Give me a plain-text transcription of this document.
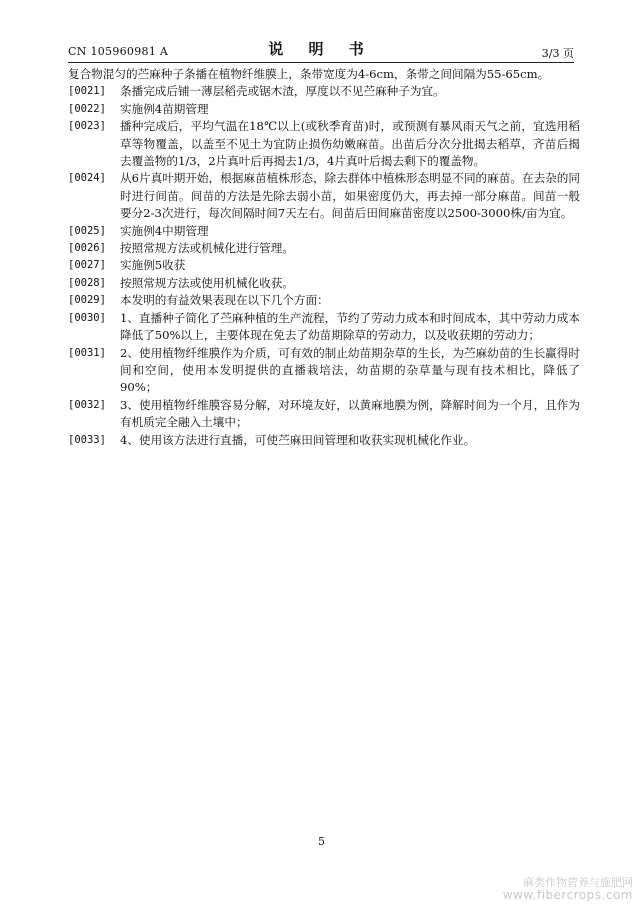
CN 105960981 A	说 明 书	3/3 页

复合物混匀的苎麻种子条播在植物纤维膜上，条带宽度为4-6cm，条带之间间隔为55-65cm。

[0021]	条播完成后铺一薄层稻壳或锯木渣，厚度以不见苎麻种子为宜。
[0022]	实施例4苗期管理
[0023]	播种完成后，平均气温在18℃以上(或秋季育苗)时，或预测有暴风雨天气之前，宜选用稻草等物覆盖，以盖至不见土为宜防止损伤幼嫩麻苗。出苗后分次分批揭去稻草，齐苗后揭去覆盖物的1/3，2片真叶后再揭去1/3，4片真叶后揭去剩下的覆盖物。
[0024]	从6片真叶期开始，根据麻苗植株形态，除去群体中植株形态明显不同的麻苗。在去杂的同时进行间苗。间苗的方法是先除去弱小苗，如果密度仍大，再去掉一部分麻苗。间苗一般要分2-3次进行，每次间隔时间7天左右。间苗后田间麻苗密度以2500-3000株/亩为宜。
[0025]	实施例4中期管理
[0026]	按照常规方法或机械化进行管理。
[0027]	实施例5收获
[0028]	按照常规方法或使用机械化收获。
[0029]	本发明的有益效果表现在以下几个方面：
[0030]	1、直播种子简化了苎麻种植的生产流程，节约了劳动力成本和时间成本，其中劳动力成本降低了50%以上，主要体现在免去了幼苗期除草的劳动力，以及收获期的劳动力；
[0031]	2、使用植物纤维膜作为介质，可有效的制止幼苗期杂草的生长，为苎麻幼苗的生长赢得时间和空间，使用本发明提供的直播栽培法，幼苗期的杂草量与现有技术相比，降低了90%；
[0032]	3、使用植物纤维膜容易分解，对环境友好，以黄麻地膜为例，降解时间为一个月，且作为有机质完全融入土壤中；
[0033]	4、使用该方法进行直播，可使苎麻田间管理和收获实现机械化作业。
5
麻类作物营养与施肥网
www.fibercrops.com
